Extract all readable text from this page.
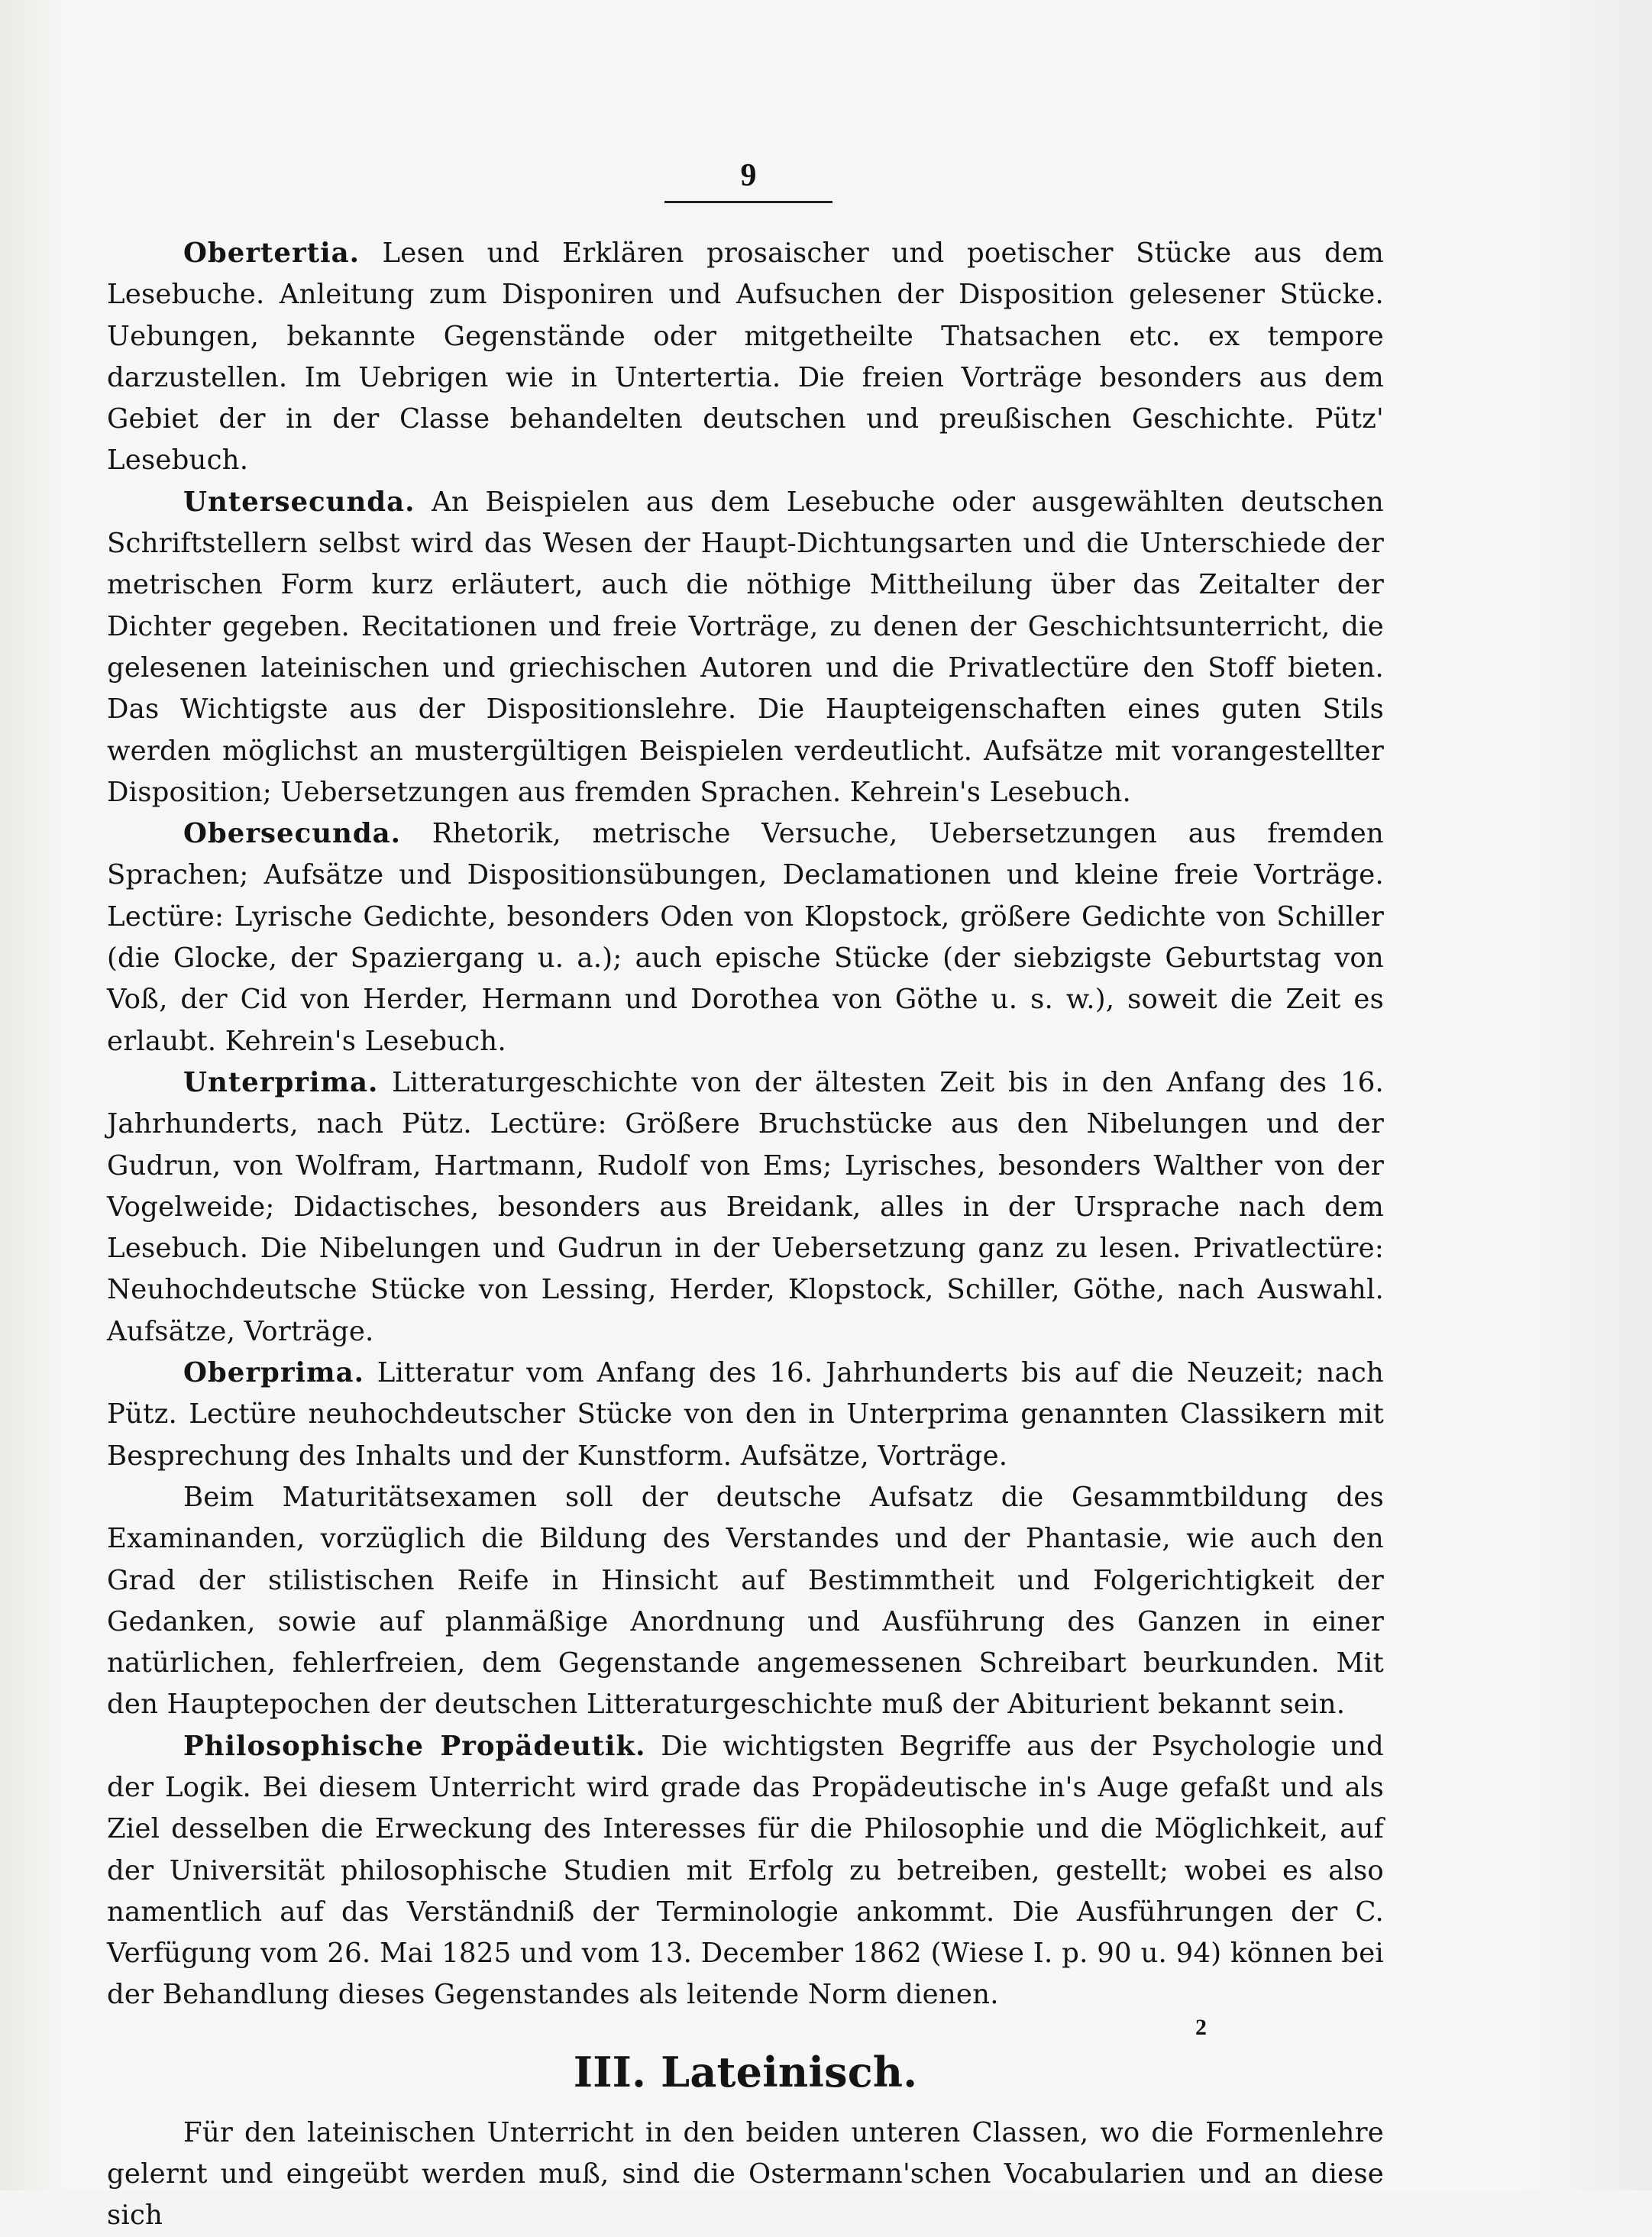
9

Obertertia. Lesen und Erklären prosaischer und poetischer Stücke aus dem Lesebuche. Anleitung zum Disponiren und Aufsuchen der Disposition gelesener Stücke. Uebungen, bekannte Gegenstände oder mitgetheilte Thatsachen etc. ex tempore darzustellen. Im Uebrigen wie in Untertertia. Die freien Vorträge besonders aus dem Gebiet der in der Classe behandelten deutschen und preußischen Geschichte. Pütz' Lesebuch.

Untersecunda. An Beispielen aus dem Lesebuche oder ausgewählten deutschen Schriftstellern selbst wird das Wesen der Haupt-Dichtungsarten und die Unterschiede der metrischen Form kurz erläutert, auch die nöthige Mittheilung über das Zeitalter der Dichter gegeben. Recitationen und freie Vorträge, zu denen der Geschichtsunterricht, die gelesenen lateinischen und griechischen Autoren und die Privatlectüre den Stoff bieten. Das Wichtigste aus der Dispositionslehre. Die Haupteigenschaften eines guten Stils werden möglichst an mustergültigen Beispielen verdeutlicht. Aufsätze mit vorangestellter Disposition; Uebersetzungen aus fremden Sprachen. Kehrein's Lesebuch.

Obersecunda. Rhetorik, metrische Versuche, Uebersetzungen aus fremden Sprachen; Aufsätze und Dispositionsübungen, Declamationen und kleine freie Vorträge. Lectüre: Lyrische Gedichte, besonders Oden von Klopstock, größere Gedichte von Schiller (die Glocke, der Spaziergang u. a.); auch epische Stücke (der siebzigste Geburtstag von Voß, der Cid von Herder, Hermann und Dorothea von Göthe u. s. w.), soweit die Zeit es erlaubt. Kehrein's Lesebuch.

Unterprima. Litteraturgeschichte von der ältesten Zeit bis in den Anfang des 16. Jahrhunderts, nach Pütz. Lectüre: Größere Bruchstücke aus den Nibelungen und der Gudrun, von Wolfram, Hartmann, Rudolf von Ems; Lyrisches, besonders Walther von der Vogelweide; Didactisches, besonders aus Breidank, alles in der Ursprache nach dem Lesebuch. Die Nibelungen und Gudrun in der Uebersetzung ganz zu lesen. Privatlectüre: Neuhochdeutsche Stücke von Lessing, Herder, Klopstock, Schiller, Göthe, nach Auswahl. Aufsätze, Vorträge.

Oberprima. Litteratur vom Anfang des 16. Jahrhunderts bis auf die Neuzeit; nach Pütz. Lectüre neuhochdeutscher Stücke von den in Unterprima genannten Classikern mit Besprechung des Inhalts und der Kunstform. Aufsätze, Vorträge.

Beim Maturitätsexamen soll der deutsche Aufsatz die Gesammtbildung des Examinanden, vorzüglich die Bildung des Verstandes und der Phantasie, wie auch den Grad der stilistischen Reife in Hinsicht auf Bestimmtheit und Folgerichtigkeit der Gedanken, sowie auf planmäßige Anordnung und Ausführung des Ganzen in einer natürlichen, fehlerfreien, dem Gegenstande angemessenen Schreibart beurkunden. Mit den Hauptepochen der deutschen Litteraturgeschichte muß der Abiturient bekannt sein.

Philosophische Propädeutik. Die wichtigsten Begriffe aus der Psychologie und der Logik. Bei diesem Unterricht wird grade das Propädeutische in's Auge gefaßt und als Ziel desselben die Erweckung des Interesses für die Philosophie und die Möglichkeit, auf der Universität philosophische Studien mit Erfolg zu betreiben, gestellt; wobei es also namentlich auf das Verständniß der Terminologie ankommt. Die Ausführungen der C. Verfügung vom 26. Mai 1825 und vom 13. December 1862 (Wiese I. p. 90 u. 94) können bei der Behandlung dieses Gegenstandes als leitende Norm dienen.

III. Lateinisch.

Für den lateinischen Unterricht in den beiden unteren Classen, wo die Formenlehre gelernt und eingeübt werden muß, sind die Ostermann'schen Vocabularien und an diese sich

2
